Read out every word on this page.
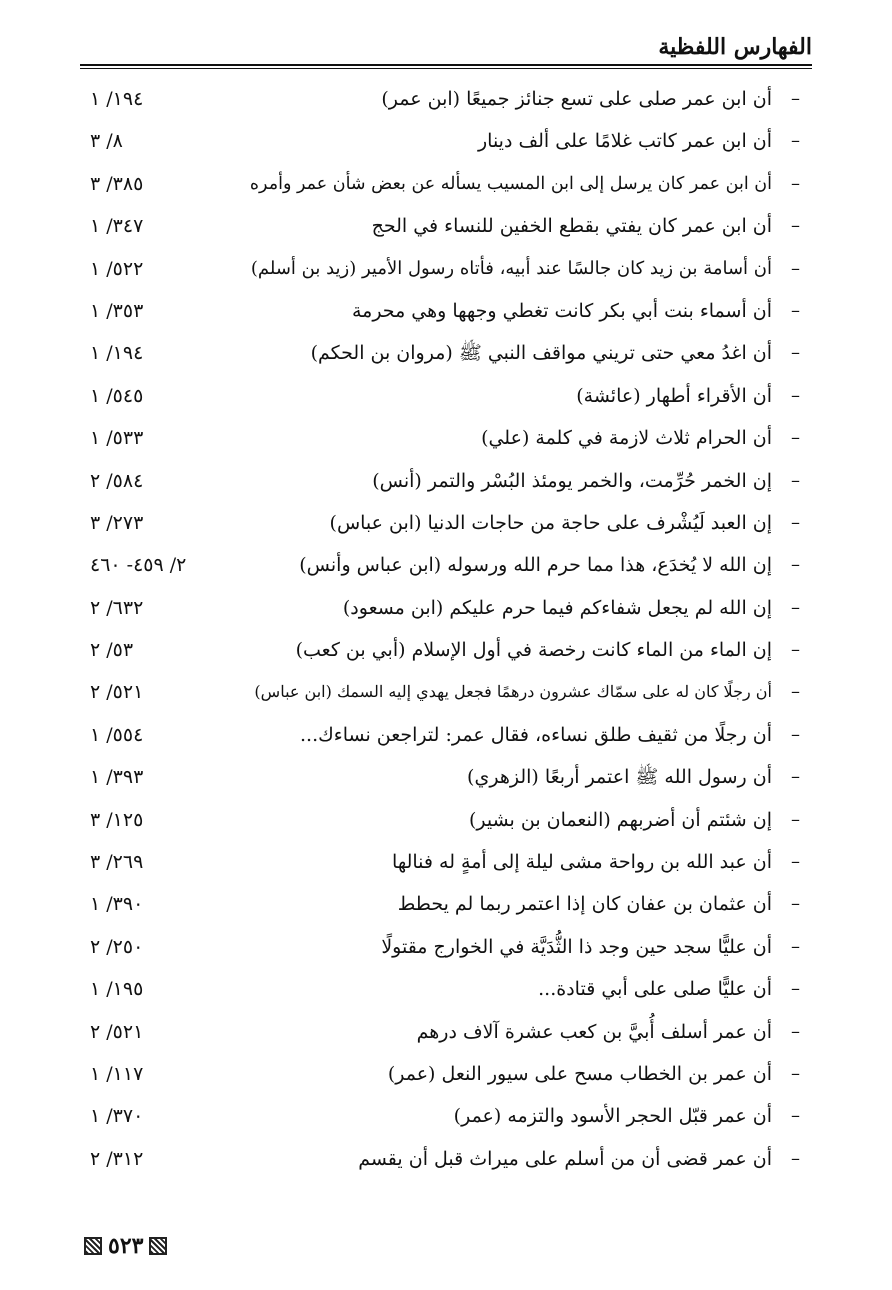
الفهارس اللفظية
–
أن ابن عمر صلى على تسع جنائز جميعًا (ابن عمر)
١٩٤/ ١
–
أن ابن عمر كاتب غلامًا على ألف دينار
٨/ ٣
–
أن ابن عمر كان يرسل إلى ابن المسيب يسأله عن بعض شأن عمر وأمره
٣٨٥/ ٣
–
أن ابن عمر كان يفتي بقطع الخفين للنساء في الحج
٣٤٧/ ١
–
أن أسامة بن زيد كان جالسًا عند أبيه، فأتاه رسول الأمير (زيد بن أسلم)
٥٢٢/ ١
–
أن أسماء بنت أبي بكر كانت تغطي وجهها وهي محرمة
٣٥٣/ ١
–
أن اغدُ معي حتى تريني مواقف النبي ﷺ (مروان بن الحكم)
١٩٤/ ١
–
أن الأقراء أطهار (عائشة)
٥٤٥/ ١
–
أن الحرام ثلاث لازمة في كلمة (علي)
٥٣٣/ ١
–
إن الخمر حُرِّمت، والخمر يومئذ البُسْر والتمر (أنس)
٥٨٤/ ٢
–
إن العبد لَيُشْرف على حاجة من حاجات الدنيا (ابن عباس)
٢٧٣/ ٣
–
إن الله لا يُخدَع، هذا مما حرم الله ورسوله (ابن عباس وأنس)
٢/ ٤٥٩- ٤٦٠
–
إن الله لم يجعل شفاءكم فيما حرم عليكم (ابن مسعود)
٦٣٢/ ٢
–
إن الماء من الماء كانت رخصة في أول الإسلام (أبي بن كعب)
٥٣/ ٢
–
أن رجلًا كان له على سمّاك عشرون درهمًا فجعل يهدي إليه السمك (ابن عباس)
٥٢١/ ٢
–
أن رجلًا من ثقيف طلق نساءه، فقال عمر: لتراجعن نساءك...
٥٥٤/ ١
–
أن رسول الله ﷺ اعتمر أربعًا (الزهري)
٣٩٣/ ١
–
إن شئتم أن أضربهم (النعمان بن بشير)
١٢٥/ ٣
–
أن عبد الله بن رواحة مشى ليلة إلى أمةٍ له فنالها
٢٦٩/ ٣
–
أن عثمان بن عفان كان إذا اعتمر ربما لم يحطط
٣٩٠/ ١
–
أن عليًّا سجد حين وجد ذا الثُّدَيَّة في الخوارج مقتولًا
٢٥٠/ ٢
–
أن عليًّا صلى على أبي قتادة...
١٩٥/ ١
–
أن عمر أسلف أُبيَّ بن كعب عشرة آلاف درهم
٥٢١/ ٢
–
أن عمر بن الخطاب مسح على سيور النعل (عمر)
١١٧/ ١
–
أن عمر قبّل الحجر الأسود والتزمه (عمر)
٣٧٠/ ١
–
أن عمر قضى أن من أسلم على ميراث قبل أن يقسم
٣١٢/ ٢
٥٢٣
